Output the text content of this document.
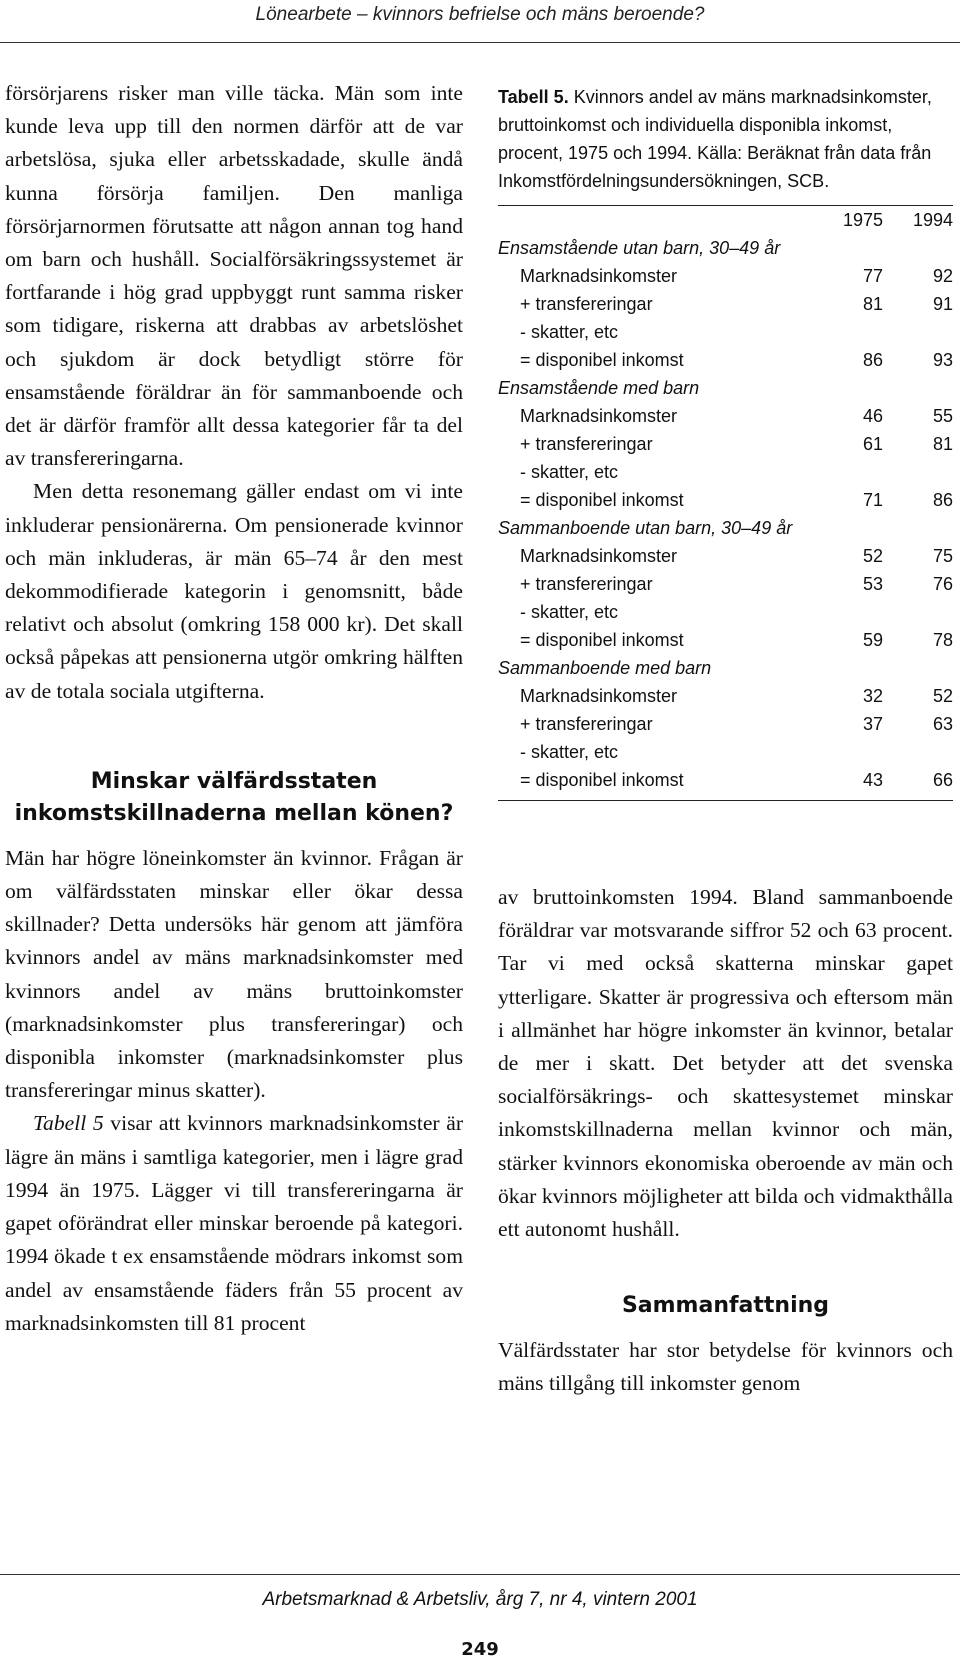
Lönearbete – kvinnors befrielse och mäns beroende?

försörjarens risker man ville täcka. Män som inte kunde leva upp till den normen därför att de var arbetslösa, sjuka eller arbetsskadade, skulle ändå kunna försörja familjen. Den manliga försörjarnormen förutsatte att någon annan tog hand om barn och hushåll. Socialförsäkringssystemet är fortfarande i hög grad uppbyggt runt samma risker som tidigare, riskerna att drabbas av arbetslöshet och sjukdom är dock betydligt större för ensamstående föräldrar än för sammanboende och det är därför framför allt dessa kategorier får ta del av transfereringarna.

Men detta resonemang gäller endast om vi inte inkluderar pensionärerna. Om pensionerade kvinnor och män inkluderas, är män 65–74 år den mest dekommodifierade kategorin i genomsnitt, både relativt och absolut (omkring 158 000 kr). Det skall också påpekas att pensionerna utgör omkring hälften av de totala sociala utgifterna.

Minskar välfärdsstaten inkomstskillnaderna mellan könen?

Män har högre löneinkomster än kvinnor. Frågan är om välfärdsstaten minskar eller ökar dessa skillnader? Detta undersöks här genom att jämföra kvinnors andel av mäns marknadsinkomster med kvinnors andel av mäns bruttoinkomster (marknadsinkomster plus transfereringar) och disponibla inkomster (marknadsinkomster plus transfereringar minus skatter).

Tabell 5 visar att kvinnors marknadsinkomster är lägre än mäns i samtliga kategorier, men i lägre grad 1994 än 1975. Lägger vi till transfereringarna är gapet oförändrat eller minskar beroende på kategori. 1994 ökade t ex ensamstående mödrars inkomst som andel av ensamstående fäders från 55 procent av marknadsinkomsten till 81 procent

Tabell 5. Kvinnors andel av mäns marknadsinkomster, bruttoinkomst och individuella disponibla inkomst, procent, 1975 och 1994. Källa: Beräknat från data från Inkomstfördelningsundersökningen, SCB.
	1975	1994
Ensamstående utan barn, 30–49 år		
Marknadsinkomster	77	92
+ transfereringar	81	91
- skatter, etc		
= disponibel inkomst	86	93
Ensamstående med barn		
Marknadsinkomster	46	55
+ transfereringar	61	81
- skatter, etc		
= disponibel inkomst	71	86
Sammanboende utan barn, 30–49 år		
Marknadsinkomster	52	75
+ transfereringar	53	76
- skatter, etc		
= disponibel inkomst	59	78
Sammanboende med barn		
Marknadsinkomster	32	52
+ transfereringar	37	63
- skatter, etc		
= disponibel inkomst	43	66

av bruttoinkomsten 1994. Bland sammanboende föräldrar var motsvarande siffror 52 och 63 procent. Tar vi med också skatterna minskar gapet ytterligare. Skatter är progressiva och eftersom män i allmänhet har högre inkomster än kvinnor, betalar de mer i skatt. Det betyder att det svenska socialförsäkrings- och skattesystemet minskar inkomstskillnaderna mellan kvinnor och män, stärker kvinnors ekonomiska oberoende av män och ökar kvinnors möjligheter att bilda och vidmakthålla ett autonomt hushåll.

Sammanfattning

Välfärdsstater har stor betydelse för kvinnors och mäns tillgång till inkomster genom

Arbetsmarknad & Arbetsliv, årg 7, nr 4, vintern 2001
249
